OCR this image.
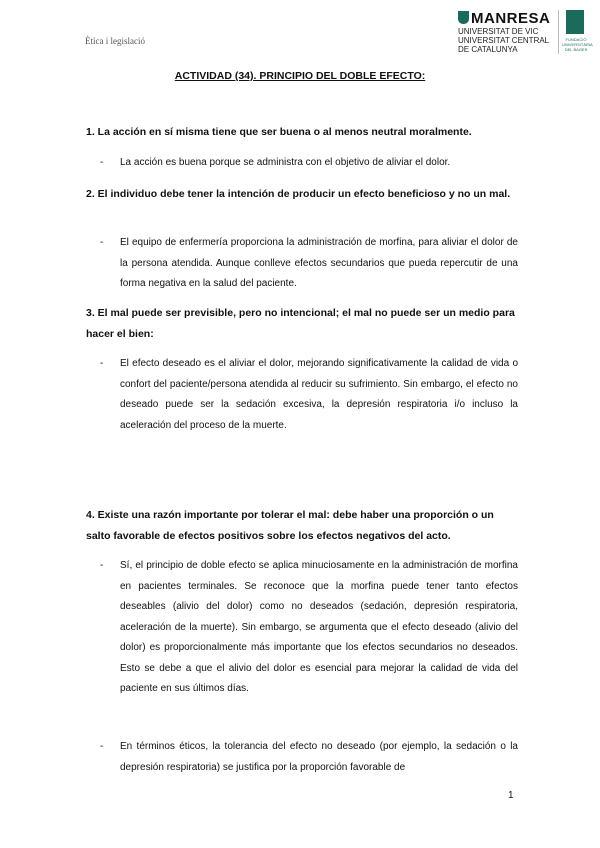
Ètica i legislació
MANRESA
UNIVERSITAT DE VIC
UNIVERSITAT CENTRAL
DE CATALUNYA
FUNDACIÓ UNIVERSITÀRIA DEL BAGES
ACTIVIDAD (34). PRINCIPIO DEL DOBLE EFECTO:
1. La acción en sí misma tiene que ser buena o al menos neutral moralmente.
- La acción es buena porque se administra con el objetivo de aliviar el dolor.
2. El individuo debe tener la intención de producir un efecto beneficioso y no un mal.
- El equipo de enfermería proporciona la administración de morfina, para aliviar el dolor de la persona atendida. Aunque conlleve efectos secundarios que pueda repercutir de una forma negativa en la salud del paciente.
3. El mal puede ser previsible, pero no intencional; el mal no puede ser un medio para hacer el bien:
- El efecto deseado es el aliviar el dolor, mejorando significativamente la calidad de vida o confort del paciente/persona atendida al reducir su sufrimiento. Sin embargo, el efecto no deseado puede ser la sedación excesiva, la depresión respiratoria i/o incluso la aceleración del proceso de la muerte.
4. Existe una razón importante por tolerar el mal: debe haber una proporción o un salto favorable de efectos positivos sobre los efectos negativos del acto.
- Sí, el principio de doble efecto se aplica minuciosamente en la administración de morfina en pacientes terminales. Se reconoce que la morfina puede tener tanto efectos deseables (alivio del dolor) como no deseados (sedación, depresión respiratoria, aceleración de la muerte). Sin embargo, se argumenta que el efecto deseado (alivio del dolor) es proporcionalmente más importante que los efectos secundarios no deseados. Esto se debe a que el alivio del dolor es esencial para mejorar la calidad de vida del paciente en sus últimos días.
- En términos éticos, la tolerancia del efecto no deseado (por ejemplo, la sedación o la depresión respiratoria) se justifica por la proporción favorable de
1
